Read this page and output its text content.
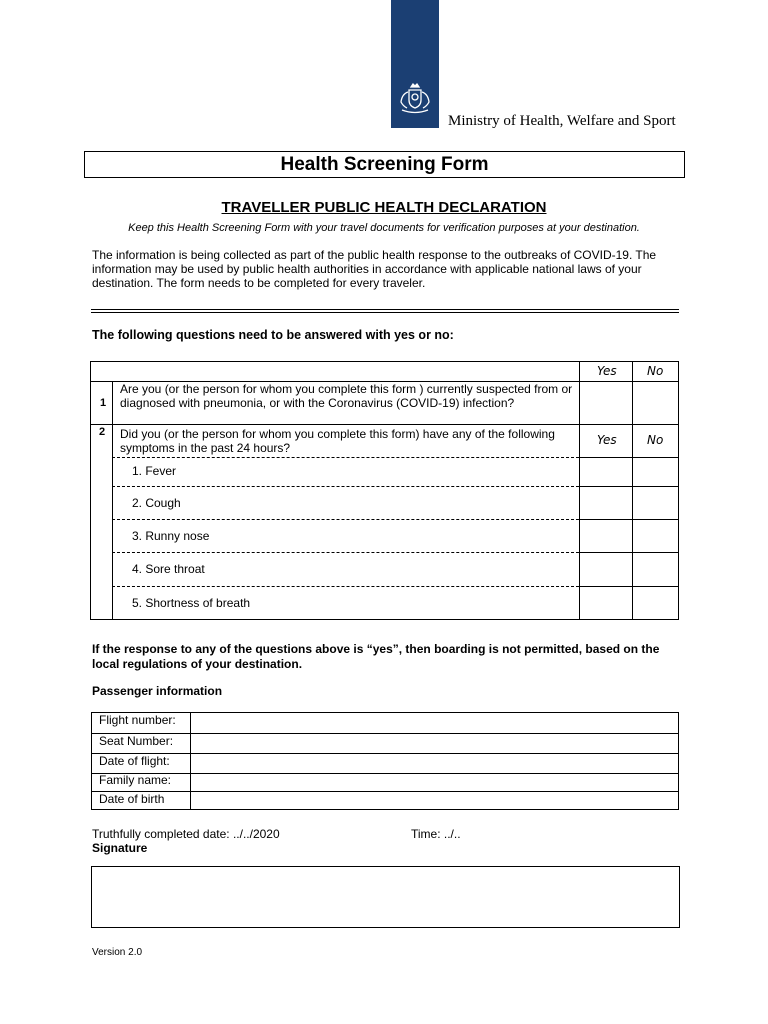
Ministry of Health, Welfare and Sport
Health Screening Form
TRAVELLER PUBLIC HEALTH DECLARATION
Keep this Health Screening Form with your travel documents for verification purposes at your destination.
The information is being collected as part of the public health response to the outbreaks of COVID-19. The information may be used by public health authorities in accordance with applicable national laws of your destination. The form needs to be completed for every traveler.
The following questions need to be answered with yes or no:
Yes	No
1
Are you (or the person for whom you complete this form ) currently suspected from or diagnosed with pneumonia, or with the Coronavirus (COVID-19) infection?
2 Did you (or the person for whom you complete this form) have any of the following symptoms in the past 24 hours?
Yes	No
1. Fever
2. Cough
3. Runny nose
4. Sore throat
5. Shortness of breath
If the response to any of the questions above is “yes”, then boarding is not permitted, based on the local regulations of your destination.
Passenger information
Flight number:
Seat Number:
Date of flight:
Family name:
Date of birth
Truthfully completed date: ../../2020	Time: ../..
Signature
Version 2.0
